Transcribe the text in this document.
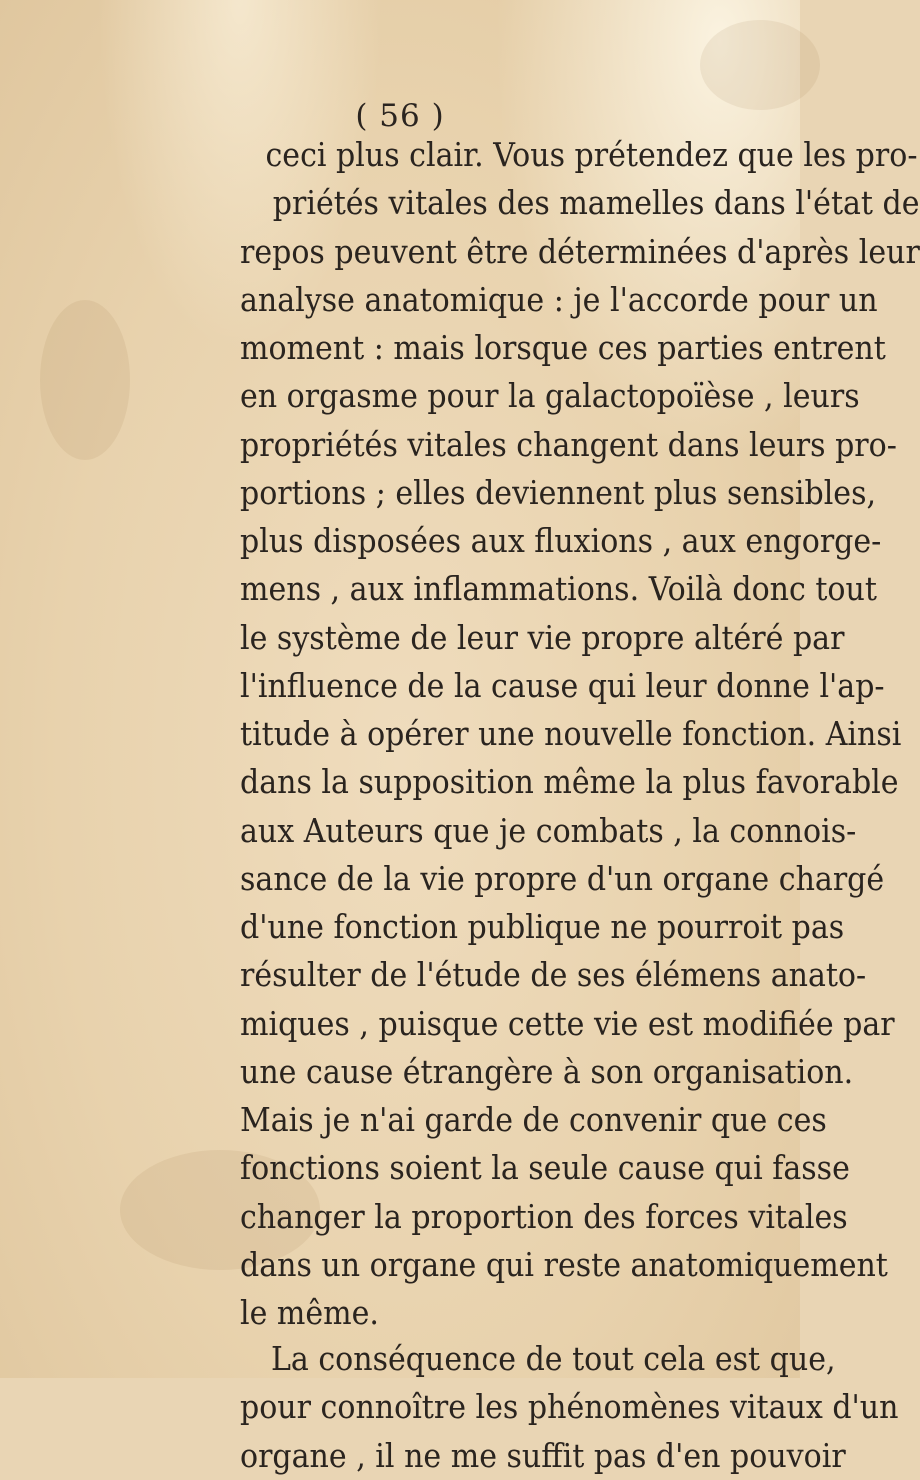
( 56 )
ceci plus clair. Vous prétendez que les pro-
priétés vitales des mamelles dans l'état de
repos peuvent être déterminées d'après leur
analyse anatomique : je l'accorde pour un
moment : mais lorsque ces parties entrent
en orgasme pour la galactopoïèse , leurs
propriétés vitales changent dans leurs pro-
portions ; elles deviennent plus sensibles,
plus disposées aux fluxions , aux engorge-
mens , aux inflammations. Voilà donc tout
le système de leur vie propre altéré par
l'influence de la cause qui leur donne l'ap-
titude à opérer une nouvelle fonction. Ainsi
dans la supposition même la plus favorable
aux Auteurs que je combats , la connois-
sance de la vie propre d'un organe chargé
d'une fonction publique ne pourroit pas
résulter de l'étude de ses élémens anato-
miques , puisque cette vie est modifiée par
une cause étrangère à son organisation.
Mais je n'ai garde de convenir que ces
fonctions soient la seule cause qui fasse
changer la proportion des forces vitales
dans un organe qui reste anatomiquement
le même.
La conséquence de tout cela est que,
pour connoître les phénomènes vitaux d'un
organe , il ne me suffit pas d'en pouvoir
